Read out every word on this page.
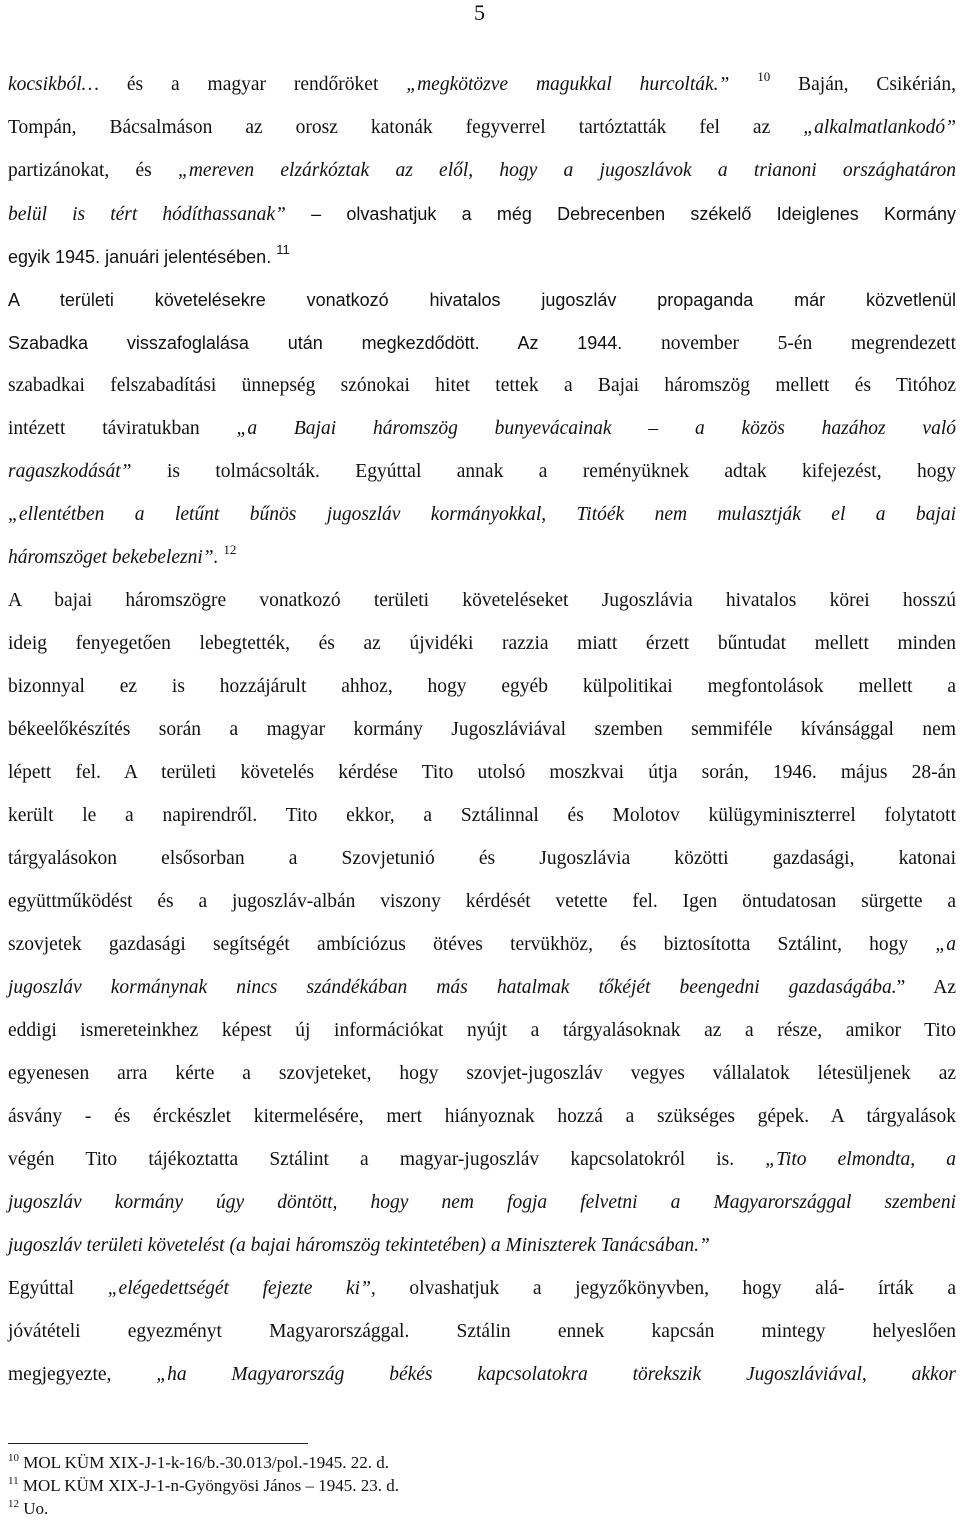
5
kocsikból… és a magyar rendőröket „megkötözve magukkal hurcolták.” $^{10}$ Baján, Csikérián,
Tompán, Bácsalmáson az orosz katonák fegyverrel tartóztatták fel az „alkalmatlankodó”
partizánokat, és „mereven elzárkóztak az elől, hogy a jugoszlávok a trianoni országhatáron
belül is tért hódíthassanak” – olvashatjuk a még Debrecenben székelő Ideiglenes Kormány
egyik 1945. januári jelentésében. $^{11}$
A területi követelésekre vonatkozó hivatalos jugoszláv propaganda már közvetlenül
Szabadka visszafoglalása után megkezdődött. Az 1944. november 5-én megrendezett
szabadkai felszabadítási ünnepség szónokai hitet tettek a Bajai háromszög mellett és Titóhoz
intézett táviratukban „a Bajai háromszög bunyevácainak – a közös hazához való
ragaszkodását” is tolmácsolták. Egyúttal annak a reményüknek adtak kifejezést, hogy
„ellentétben a letűnt bűnös jugoszláv kormányokkal, Titóék nem mulasztják el a bajai
háromszöget bekebelezni”. $^{12}$
A bajai háromszögre vonatkozó területi követeléseket Jugoszlávia hivatalos körei hosszú
ideig fenyegetően lebegtették, és az újvidéki razzia miatt érzett bűntudat mellett minden
bizonnyal ez is hozzájárult ahhoz, hogy egyéb külpolitikai megfontolások mellett a
békeelőkészítés során a magyar kormány Jugoszláviával szemben semmiféle kívánsággal nem
lépett fel. A területi követelés kérdése Tito utolsó moszkvai útja során, 1946. május 28-án
került le a napirendről. Tito ekkor, a Sztálinnal és Molotov külügyminiszterrel folytatott
tárgyalásokon elsősorban a Szovjetunió és Jugoszlávia közötti gazdasági, katonai
együttműködést és a jugoszláv-albán viszony kérdését vetette fel. Igen öntudatosan sürgette a
szovjetek gazdasági segítségét ambíciózus ötéves tervükhöz, és biztosította Sztálint, hogy „a
jugoszláv kormánynak nincs szándékában más hatalmak tőkéjét beengedni gazdaságába.” Az
eddigi ismereteinkhez képest új információkat nyújt a tárgyalásoknak az a része, amikor Tito
egyenesen arra kérte a szovjeteket, hogy szovjet-jugoszláv vegyes vállalatok létesüljenek az
ásvány - és érckészlet kitermelésére, mert hiányoznak hozzá a szükséges gépek. A tárgyalások
végén Tito tájékoztatta Sztálint a magyar-jugoszláv kapcsolatokról is. „Tito elmondta, a
jugoszláv kormány úgy döntött, hogy nem fogja felvetni a Magyarországgal szembeni
jugoszláv területi követelést (a bajai háromszög tekintetében) a Miniszterek Tanácsában.”
Egyúttal „elégedettségét fejezte ki”, olvashatjuk a jegyzőkönyvben, hogy alá- írták a
jóvátételi egyezményt Magyarországgal. Sztálin ennek kapcsán mintegy helyeslően
megjegyezte, „ha Magyarország békés kapcsolatokra törekszik Jugoszláviával, akkor
$^{10}$ MOL KÜM XIX-J-1-k-16/b.-30.013/pol.-1945. 22. d.
$^{11}$ MOL KÜM XIX-J-1-n-Gyöngyösi János – 1945. 23. d.
$^{12}$ Uo.
